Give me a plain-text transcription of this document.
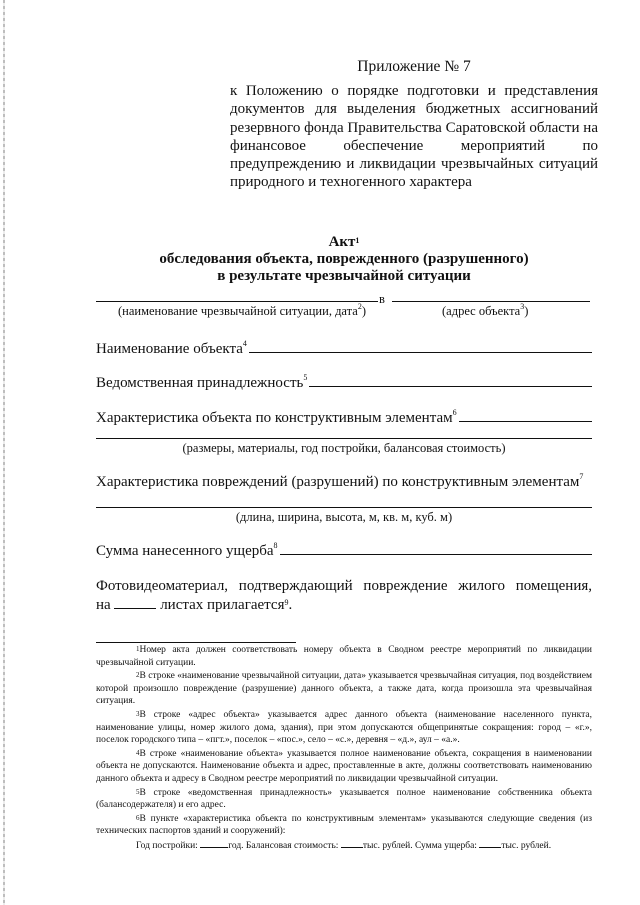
Приложение № 7
к Положению о порядке подготовки и представления документов для выделения бюджетных ассигнований резервного фонда Правительства Саратовской области на финансовое обеспечение мероприятий по предупреждению и ликвидации чрезвычайных ситуаций природного и техногенного характера
Акт$^1$
обследования объекта, поврежденного (разрушенного)
в результате чрезвычайной ситуации
в
(наименование чрезвычайной ситуации, дата$^2$)	(адрес объекта$^3$)
Наименование объекта$^4$
Ведомственная принадлежность$^5$
Характеристика объекта по конструктивным элементам$^6$
(размеры, материалы, год постройки, балансовая стоимость)
Характеристика повреждений (разрушений) по конструктивным элементам$^7$
(длина, ширина, высота, м, кв. м, куб. м)
Сумма нанесенного ущерба$^8$
Фотовидеоматериал, подтверждающий повреждение жилого помещения,
на	листах прилагается$^9$.

$^1$Номер акта должен соответствовать номеру объекта в Сводном реестре мероприятий по ликвидации чрезвычайной ситуации.

$^2$В строке «наименование чрезвычайной ситуации, дата» указывается чрезвычайная ситуация, под воздействием которой произошло повреждение (разрушение) данного объекта, а также дата, когда произошла эта чрезвычайная ситуация.

$^3$В строке «адрес объекта» указывается адрес данного объекта (наименование населенного пункта, наименование улицы, номер жилого дома, здания), при этом допускаются общепринятые сокращения: город – «г.», поселок городского типа – «пгт.», поселок – «пос.», село – «с.», деревня – «д.», аул – «а.».

$^4$В строке «наименование объекта» указывается полное наименование объекта, сокращения в наименовании объекта не допускаются. Наименование объекта и адрес, проставленные в акте, должны соответствовать наименованию данного объекта и адресу в Сводном реестре мероприятий по ликвидации чрезвычайной ситуации.

$^5$В строке «ведомственная принадлежность» указывается полное наименование собственника объекта (балансодержателя) и его адрес.

$^6$В пункте «характеристика объекта по конструктивным элементам» указываются следующие сведения (из технических паспортов зданий и сооружений):

Год постройки:	год. Балансовая стоимость:	тыс. рублей. Сумма ущерба:	тыс. рублей.
